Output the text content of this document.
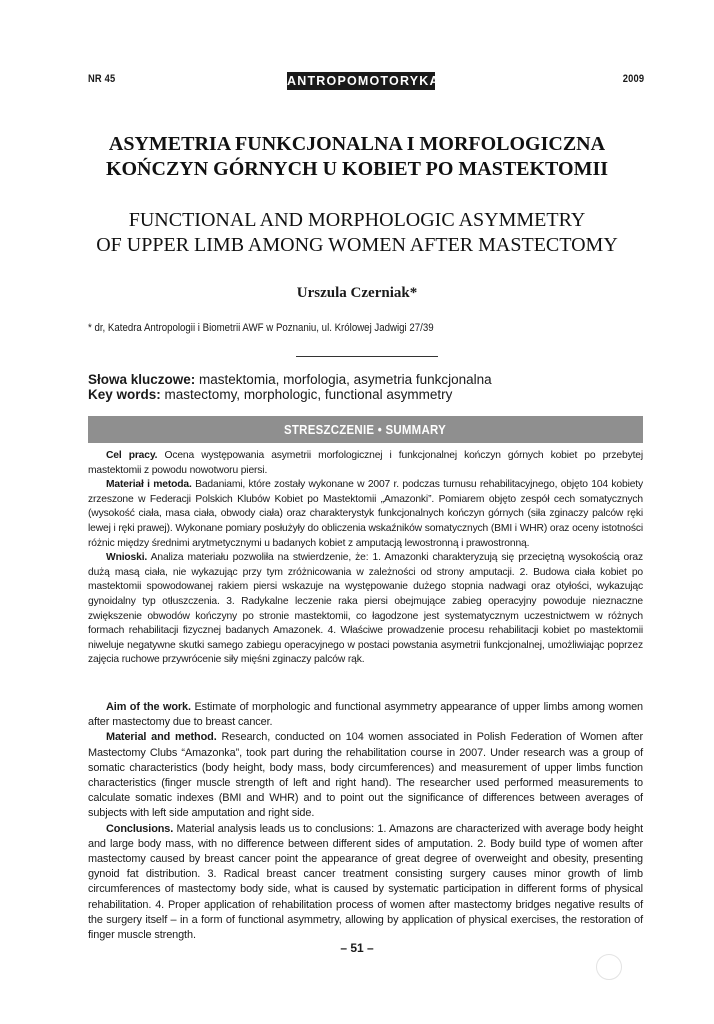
NR 45	ANTROPOMOTORYKA	2009
ASYMETRIA FUNKCJONALNA I MORFOLOGICZNA
KOŃCZYN GÓRNYCH U KOBIET PO MASTEKTOMII
FUNCTIONAL AND MORPHOLOGIC ASYMMETRY
OF UPPER LIMB AMONG WOMEN AFTER MASTECTOMY
Urszula Czerniak*
* dr, Katedra Antropologii i Biometrii AWF w Poznaniu, ul. Królowej Jadwigi 27/39
Słowa kluczowe: mastektomia, morfologia, asymetria funkcjonalna
Key words: mastectomy, morphologic, functional asymmetry
STRESZCZENIE • SUMMARY

Cel pracy. Ocena występowania asymetrii morfologicznej i funkcjonalnej kończyn górnych kobiet po przebytej mastektomii z powodu nowotworu piersi.

Materiał i metoda. Badaniami, które zostały wykonane w 2007 r. podczas turnusu rehabilitacyjnego, objęto 104 kobiety zrzeszone w Federacji Polskich Klubów Kobiet po Mastektomii „Amazonki”. Pomiarem objęto zespół cech somatycznych (wysokość ciała, masa ciała, obwody ciała) oraz charakterystyk funkcjonalnych kończyn górnych (siła zginaczy palców ręki lewej i ręki prawej). Wykonane pomiary posłużyły do obliczenia wskaźników somatycznych (BMI i WHR) oraz oceny istotności różnic między średnimi arytmetycznymi u badanych kobiet z amputacją lewostronną i prawostronną.

Wnioski. Analiza materiału pozwoliła na stwierdzenie, że: 1. Amazonki charakteryzują się przeciętną wysokością oraz dużą masą ciała, nie wykazując przy tym zróżnicowania w zależności od strony amputacji. 2. Budowa ciała kobiet po mastektomii spowodowanej rakiem piersi wskazuje na występowanie dużego stopnia nadwagi oraz otyłości, wykazując gynoidalny typ otłuszczenia. 3. Radykalne leczenie raka piersi obejmujące zabieg operacyjny powoduje nieznaczne zwiększenie obwodów kończyny po stronie mastektomii, co łagodzone jest systematycznym uczestnictwem w różnych formach rehabilitacji fizycznej badanych Amazonek. 4. Właściwe prowadzenie procesu rehabilitacji kobiet po mastektomii niweluje negatywne skutki samego zabiegu operacyjnego w postaci powstania asymetrii funkcjonalnej, umożliwiając poprzez zajęcia ruchowe przywrócenie siły mięśni zginaczy palców rąk.

Aim of the work. Estimate of morphologic and functional asymmetry appearance of upper limbs among women after mastectomy due to breast cancer.

Material and method. Research, conducted on 104 women associated in Polish Federation of Women after Mastectomy Clubs “Amazonka”, took part during the rehabilitation course in 2007. Under research was a group of somatic characteristics (body height, body mass, body circumferences) and measurement of upper limbs function characteristics (finger muscle strength of left and right hand). The researcher used performed measurements to calculate somatic indexes (BMI and WHR) and to point out the significance of differences between averages of subjects with left side amputation and right side.

Conclusions. Material analysis leads us to conclusions: 1. Amazons are characterized with average body height and large body mass, with no difference between different sides of amputation. 2. Body build type of women after mastectomy caused by breast cancer point the appearance of great degree of overweight and obesity, presenting gynoid fat distribution. 3. Radical breast cancer treatment consisting surgery causes minor growth of limb circumferences of mastectomy body side, what is caused by systematic participation in different forms of physical rehabilitation. 4. Proper application of rehabilitation process of women after mastectomy bridges negative results of the surgery itself – in a form of functional asymmetry, allowing by application of physical exercises, the restoration of finger muscle strength.

– 51 –
